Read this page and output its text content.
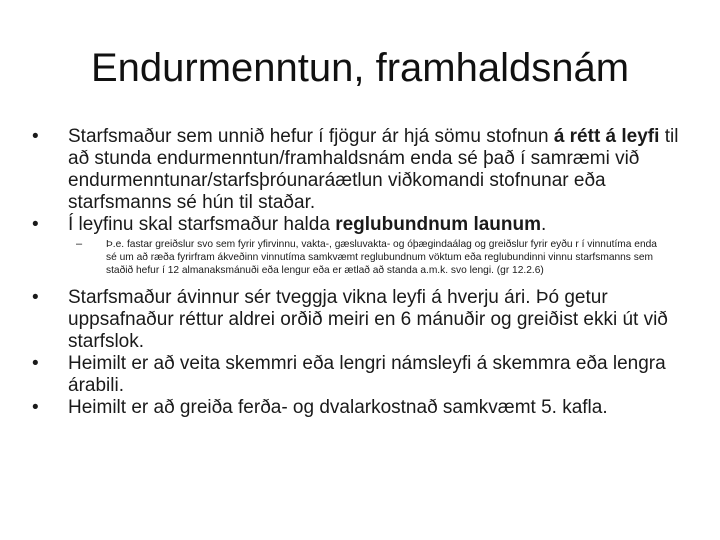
Endurmenntun, framhaldsnám
• Starfsmaður sem unnið hefur í fjögur ár hjá sömu stofnun á rétt á leyfi til að stunda endurmenntun/framhaldsnám enda sé það í samræmi við endurmenntunar/starfsþróunaráætlun viðkomandi stofnunar eða starfsmanns sé hún til staðar.
• Í leyfinu skal starfsmaður halda reglubundnum launum.
– Þ.e. fastar greiðslur svo sem fyrir yfirvinnu, vakta-, gæsluvakta- og óþægindaálag og greiðslur fyrir eyðu r í vinnutíma enda sé um að ræða fyrirfram ákveðinn vinnutíma samkvæmt reglubundnum vöktum eða reglubundinni vinnu starfsmanns sem staðið hefur í 12 almanaksmánuði eða lengur eða er ætlað að standa a.m.k. svo lengi. (gr 12.2.6)
• Starfsmaður ávinnur sér tveggja vikna leyfi á hverju ári. Þó getur uppsafnaður réttur aldrei orðið meiri en 6 mánuðir og greiðist ekki út við starfslok.
• Heimilt er að veita skemmri eða lengri námsleyfi á skemmra eða lengra árabili.
• Heimilt er að greiða ferða- og dvalarkostnað samkvæmt 5. kafla.
